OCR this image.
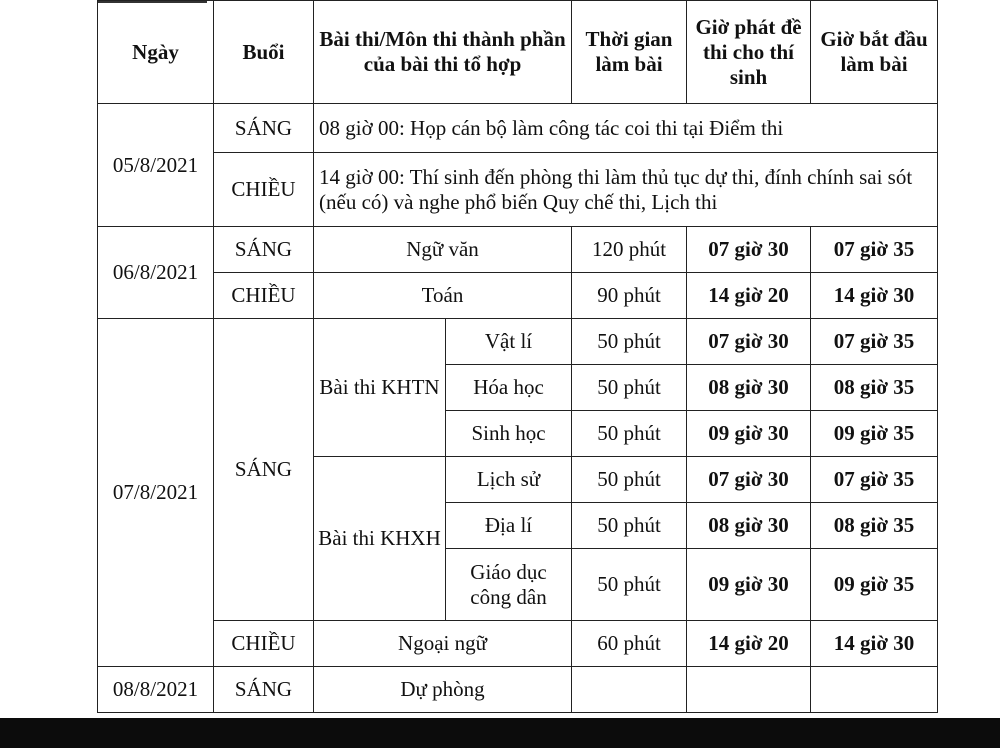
Ngày	Buổi	Bài thi/Môn thi thành phần của bài thi tổ hợp		Thời gian làm bài	Giờ phát đề thi cho thí sinh	Giờ bắt đầu làm bài
05/8/2021	SÁNG	08 giờ 00: Họp cán bộ làm công tác coi thi tại Điểm thi				
	CHIỀU	14 giờ 00: Thí sinh đến phòng thi làm thủ tục dự thi, đính chính sai sót (nếu có) và nghe phổ biến Quy chế thi, Lịch thi				
06/8/2021	SÁNG	Ngữ văn		120 phút	07 giờ 30	07 giờ 35
	CHIỀU	Toán		90 phút	14 giờ 20	14 giờ 30
07/8/2021	SÁNG	Bài thi KHTN	Vật lí	50 phút	07 giờ 30	07 giờ 35
			Hóa học	50 phút	08 giờ 30	08 giờ 35
			Sinh học	50 phút	09 giờ 30	09 giờ 35
		Bài thi KHXH	Lịch sử	50 phút	07 giờ 30	07 giờ 35
			Địa lí	50 phút	08 giờ 30	08 giờ 35
			Giáo dục công dân	50 phút	09 giờ 30	09 giờ 35
	CHIỀU	Ngoại ngữ		60 phút	14 giờ 20	14 giờ 30
08/8/2021	SÁNG	Dự phòng				
